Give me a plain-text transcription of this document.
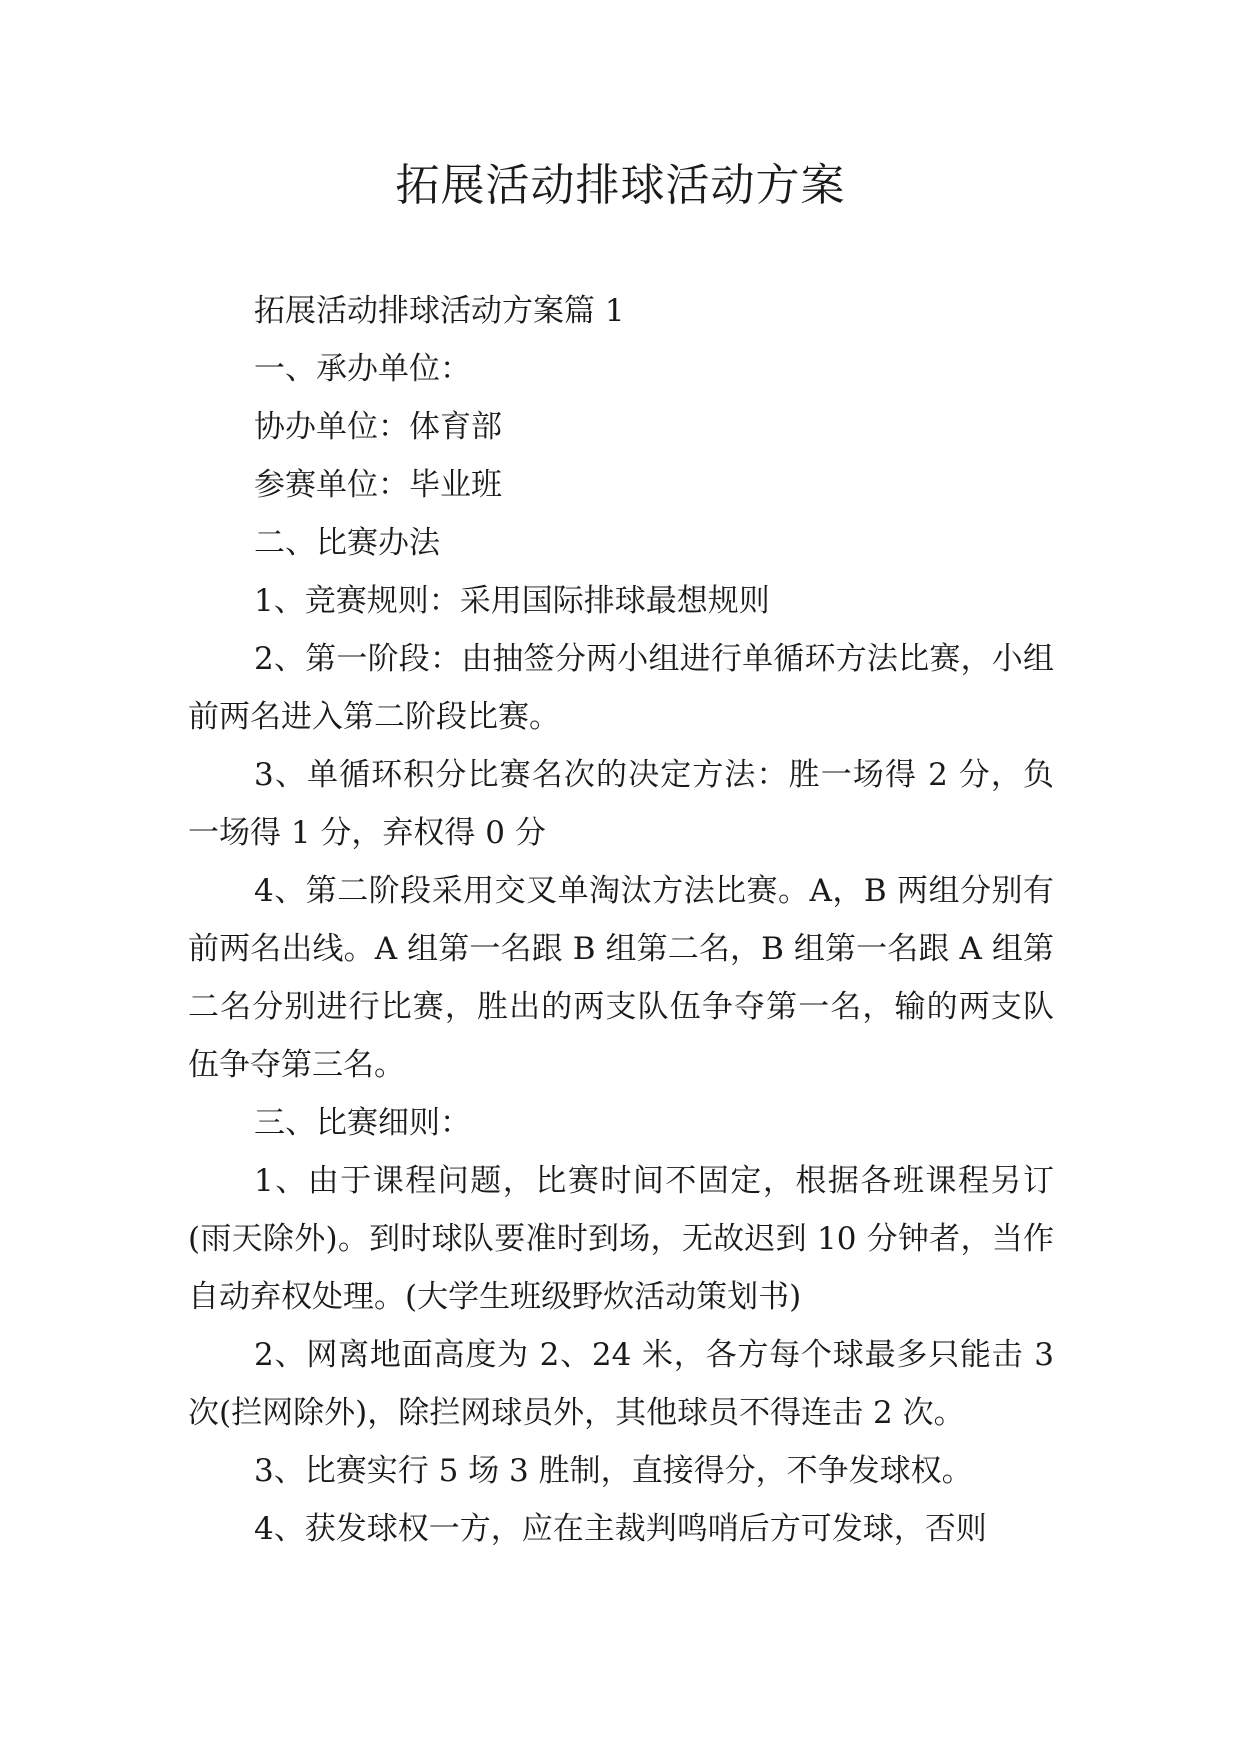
拓展活动排球活动方案

拓展活动排球活动方案篇 1

一、承办单位：

协办单位：体育部

参赛单位：毕业班

二、比赛办法

1、竞赛规则：采用国际排球最想规则

2、第一阶段：由抽签分两小组进行单循环方法比赛，小组前两名进入第二阶段比赛。

3、单循环积分比赛名次的决定方法：胜一场得 2 分，负一场得 1 分，弃权得 0 分

4、第二阶段采用交叉单淘汰方法比赛。A，B 两组分别有前两名出线。A 组第一名跟 B 组第二名，B 组第一名跟 A 组第二名分别进行比赛，胜出的两支队伍争夺第一名，输的两支队伍争夺第三名。

三、比赛细则：

1、由于课程问题，比赛时间不固定，根据各班课程另订(雨天除外)。到时球队要准时到场，无故迟到 10 分钟者，当作自动弃权处理。(大学生班级野炊活动策划书)

2、网离地面高度为 2、24 米，各方每个球最多只能击 3 次(拦网除外)，除拦网球员外，其他球员不得连击 2 次。

3、比赛实行 5 场 3 胜制，直接得分，不争发球权。

4、获发球权一方，应在主裁判鸣哨后方可发球，否则
